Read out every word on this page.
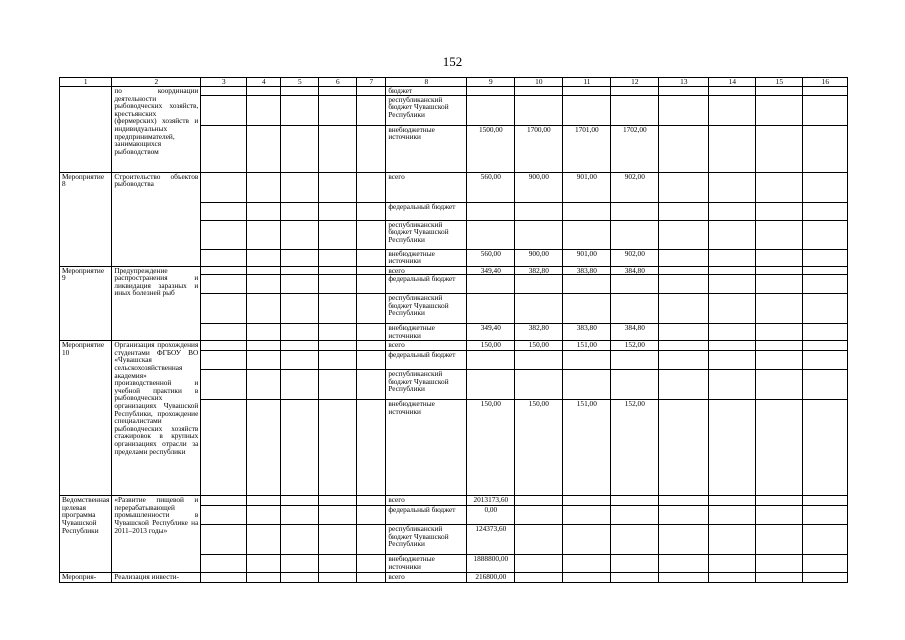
152
1	2	3	4	5	6	7	8	9	10	11	12	13	14	15	16
	по координации деятельности рыбоводческих хозяйств, крестьянских (фермерских) хозяйств и индивидуальных предпринимателей, занимающихся рыбоводством						бюджет								
							республиканский бюджет Чувашской Республики								
							внебюджетные источники	1500,00	1700,00	1701,00	1702,00				
Мероприятие 8	Строительство объектов рыбоводства						всего	560,00	900,00	901,00	902,00				
							федеральный бюджет								
							республиканский бюджет Чувашской Республики								
							внебюджетные источники	560,00	900,00	901,00	902,00				
Мероприятие 9	Предупреждение распространения и ликвидация заразных и иных болезней рыб						всего	349,40	382,80	383,80	384,80				
							федеральный бюджет								
							республиканский бюджет Чувашской Республики								
							внебюджетные источники	349,40	382,80	383,80	384,80				
Мероприятие 10	Организация прохождения студентами ФГБОУ ВО «Чувашская сельскохозяйственная академия» производственной и учебной практики в рыбоводческих организациях Чувашской Республики, прохождение специалистами рыбоводческих хозяйств стажировок в крупных организациях отрасли за пределами республики						всего	150,00	150,00	151,00	152,00				
							федеральный бюджет								
							республиканский бюджет Чувашской Республики								
							внебюджетные источники	150,00	150,00	151,00	152,00				
Ведомственная целевая программа Чувашской Республики	«Развитие пищевой и перерабатывающей промышленности в Чувашской Республике на 2011–2013 годы»						всего	2013173,60							
							федеральный бюджет	0,00							
							республиканский бюджет Чувашской Республики	124373,60							
							внебюджетные источники	1888800,00							
Мероприя-	Реализация инвести-						всего	216800,00							
